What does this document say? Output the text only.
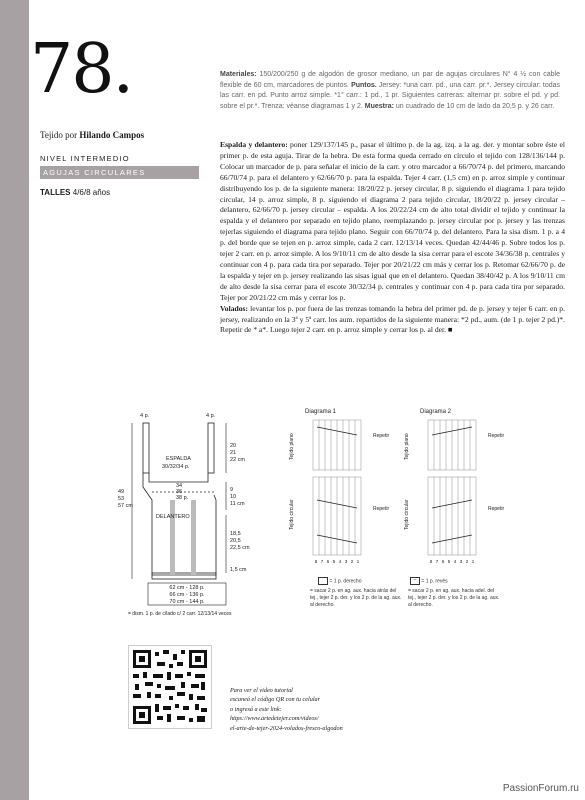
78.
Tejido por Hilando Campos
NIVEL INTERMEDIO
AGUJAS CIRCULARES
TALLES 4/6/8 años
Materiales: 150/200/250 g de algodón de grosor mediano, un par de agujas circulares N° 4 ½ con cable flexible de 60 cm, marcadores de puntos. Puntos. Jersey: *una carr. pd., una carr. pr.*. Jersey circular: todas las carr. en pd. Punto arroz simple. *1° carr.: 1 pd., 1 pr. Siguientes carreras: alternar pr. sobre el pd. y pd. sobre el pr.*. Trenza: véanse diagramas 1 y 2. Muestra: un cuadrado de 10 cm de lado da 20,5 p. y 26 carr.
Espalda y delantero: poner 129/137/145 p., pasar el último p. de la ag. izq. a la ag. der. y montar sobre éste el primer p. de esta aguja. Tirar de la hebra. De esta forma queda cerrado en círculo el tejido con 128/136/144 p. Colocar un marcador de p. para señalar el inicio de la carr. y otro marcador a 66/70/74 p. del primero, marcando 66/70/74 p. para el delantero y 62/66/70 p. para la espalda. Tejer 4 carr. (1,5 cm) en p. arroz simple y continuar distribuyendo los p. de la siguiente manera: 18/20/22 p. jersey circular, 8 p. siguiendo el diagrama 1 para tejido circular, 14 p. arroz simple, 8 p. siguiendo el diagrama 2 para tejido circular, 18/20/22 p. jersey circular – delantero, 62/66/70 p. jersey circular – espalda. A los 20/22/24 cm de alto total dividir el tejido y continuar la espalda y el delantero por separado en tejido plano, reemplazando p. jersey circular por p. jersey y las trenzas tejerlas siguiendo el diagrama para tejido plano. Seguir con 66/70/74 p. del delantero. Para la sisa dism. 1 p. a 4 p. del borde que se tejen en p. arroz simple, cada 2 carr. 12/13/14 veces. Quedan 42/44/46 p. Sobre todos los p. tejer 2 carr. en p. arroz simple. A los 9/10/11 cm de alto desde la sisa cerrar para el escote 34/36/38 p. centrales y continuar con 4 p. para cada tira por separado. Tejer por 20/21/22 cm más y cerrar los p. Retomar 62/66/70 p. de la espalda y tejer en p. jersey realizando las sisas igual que en el delantero. Quedan 38/40/42 p. A los 9/10/11 cm de alto desde la sisa cerrar para el escote 30/32/34 p. centrales y continuar con 4 p. para cada tira por separado. Tejer por 20/21/22 cm más y cerrar los p.
Volados: levantar los p. por fuera de las trenzas tomando la hebra del primer pd. de p. jersey y tejer 6 carr. en p. jersey, realizando en la 3ª y 5ª carr. los aum. repartidos de la siguiente manera: *2 pd., aum. (de 1 p. tejer 2 pd.)*. Repetir de * a*. Luego tejer 2 carr. en p. arroz simple y cerrar los p. al der. ■
4 p.	4 p.
ESPALDA
30/32/34 p.
DELANTERO
34
36
38 p.
49
53
57 cm
20
21
22 cm
9
10
11 cm
18,5
20,5
22,5 cm
1,5 cm
62 cm - 128 p.
66 cm - 136 p.
70 cm - 144 p.
= dism. 1 p. de c/lado c/ 2 carr. 12/13/14 veces
Diagrama 1
Tejido plano
Tejido circular
Repetir
Repetir
8 7 6 5 4 3 2 1
Diagrama 2
Tejido plano
Tejido circular
Repetir
Repetir
8 7 6 5 4 3 2 1
= 1 p. derecho	– = 1 p. revés
= sacar 2 p. en ag. aux. hacia atrás del tej., tejer 2 p. der. y los 2 p. de la ag. aux. al derecho.
= sacar 2 p. en ag. aux. hacia adel. del tej., tejer 2 p. der. y los 2 p. de la ag. aux. al derecho.
Para ver el video tutorial
escaneá el código QR con tu celular
o ingresá a este link:
https://www.artedetejer.com/videos/
el-arte-de-tejer-2024-volados-fresco-algodon
PassionForum.ru
